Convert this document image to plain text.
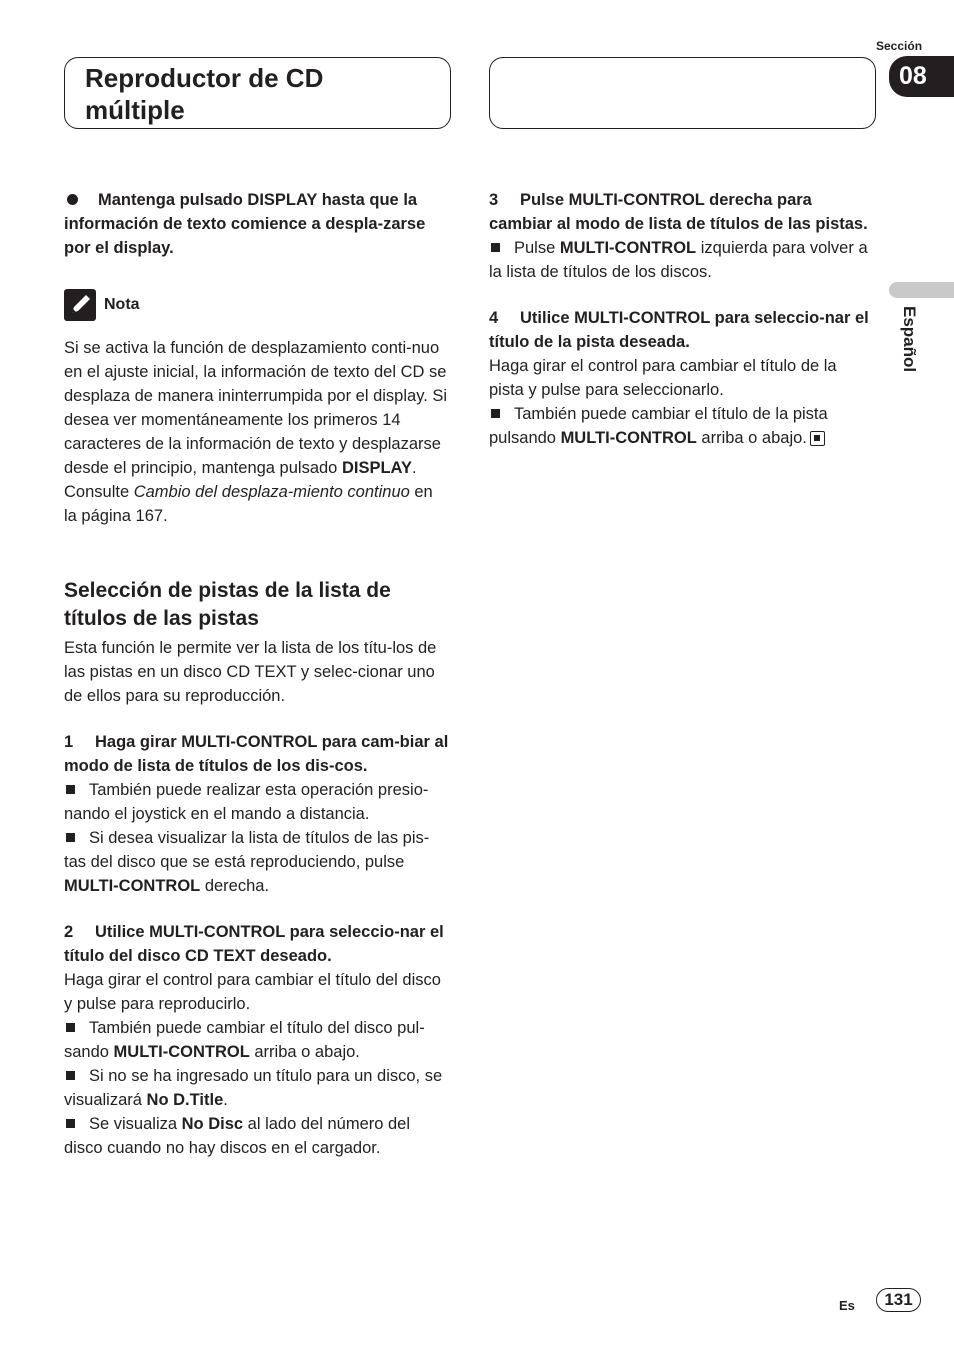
Reproductor de CD
múltiple
Sección
08
Español

Mantenga pulsado DISPLAY hasta que la información de texto comience a despla-zarse por el display.

Nota

Si se activa la función de desplazamiento conti-nuo en el ajuste inicial, la información de texto del CD se desplaza de manera ininterrumpida por el display. Si desea ver momentáneamente los primeros 14 caracteres de la información de texto y desplazarse desde el principio, mantenga pulsado DISPLAY. Consulte Cambio del desplaza-miento continuo en la página 167.

Selección de pistas de la lista de títulos de las pistas

Esta función le permite ver la lista de los títu-los de las pistas en un disco CD TEXT y selec-cionar uno de ellos para su reproducción.

1 Haga girar MULTI-CONTROL para cam-biar al modo de lista de títulos de los dis-cos.

También puede realizar esta operación presio-nando el joystick en el mando a distancia.

Si desea visualizar la lista de títulos de las pis-tas del disco que se está reproduciendo, pulse MULTI-CONTROL derecha.

2 Utilice MULTI-CONTROL para seleccio-nar el título del disco CD TEXT deseado.

Haga girar el control para cambiar el título del disco y pulse para reproducirlo.

También puede cambiar el título del disco pul-sando MULTI-CONTROL arriba o abajo.

Si no se ha ingresado un título para un disco, se visualizará No D.Title.

Se visualiza No Disc al lado del número del disco cuando no hay discos en el cargador.

3 Pulse MULTI-CONTROL derecha para cambiar al modo de lista de títulos de las pistas.

Pulse MULTI-CONTROL izquierda para volver a la lista de títulos de los discos.

4 Utilice MULTI-CONTROL para seleccio-nar el título de la pista deseada.

Haga girar el control para cambiar el título de la pista y pulse para seleccionarlo.

También puede cambiar el título de la pista pulsando MULTI-CONTROL arriba o abajo.

Es	131
